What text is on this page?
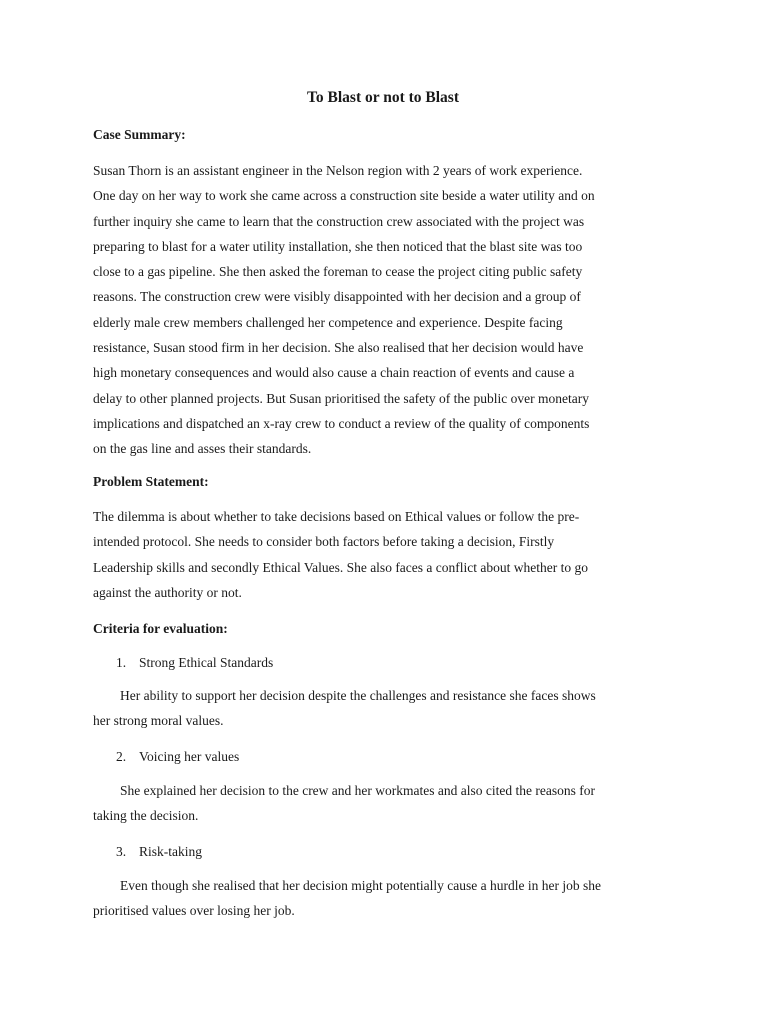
To Blast or not to Blast
Case Summary:
Susan Thorn is an assistant engineer in the Nelson region with 2 years of work experience.
One day on her way to work she came across a construction site beside a water utility and on
further inquiry she came to learn that the construction crew associated with the project was
preparing to blast for a water utility installation, she then noticed that the blast site was too
close to a gas pipeline. She then asked the foreman to cease the project citing public safety
reasons. The construction crew were visibly disappointed with her decision and a group of
elderly male crew members challenged her competence and experience. Despite facing
resistance, Susan stood firm in her decision. She also realised that her decision would have
high monetary consequences and would also cause a chain reaction of events and cause a
delay to other planned projects. But Susan prioritised the safety of the public over monetary
implications and dispatched an x-ray crew to conduct a review of the quality of components
on the gas line and asses their standards.
Problem Statement:
The dilemma is about whether to take decisions based on Ethical values or follow the pre-
intended protocol. She needs to consider both factors before taking a decision, Firstly
Leadership skills and secondly Ethical Values. She also faces a conflict about whether to go
against the authority or not.
Criteria for evaluation:
1. Strong Ethical Standards
Her ability to support her decision despite the challenges and resistance she faces shows
her strong moral values.
2. Voicing her values
She explained her decision to the crew and her workmates and also cited the reasons for
taking the decision.
3. Risk-taking
Even though she realised that her decision might potentially cause a hurdle in her job she
prioritised values over losing her job.
